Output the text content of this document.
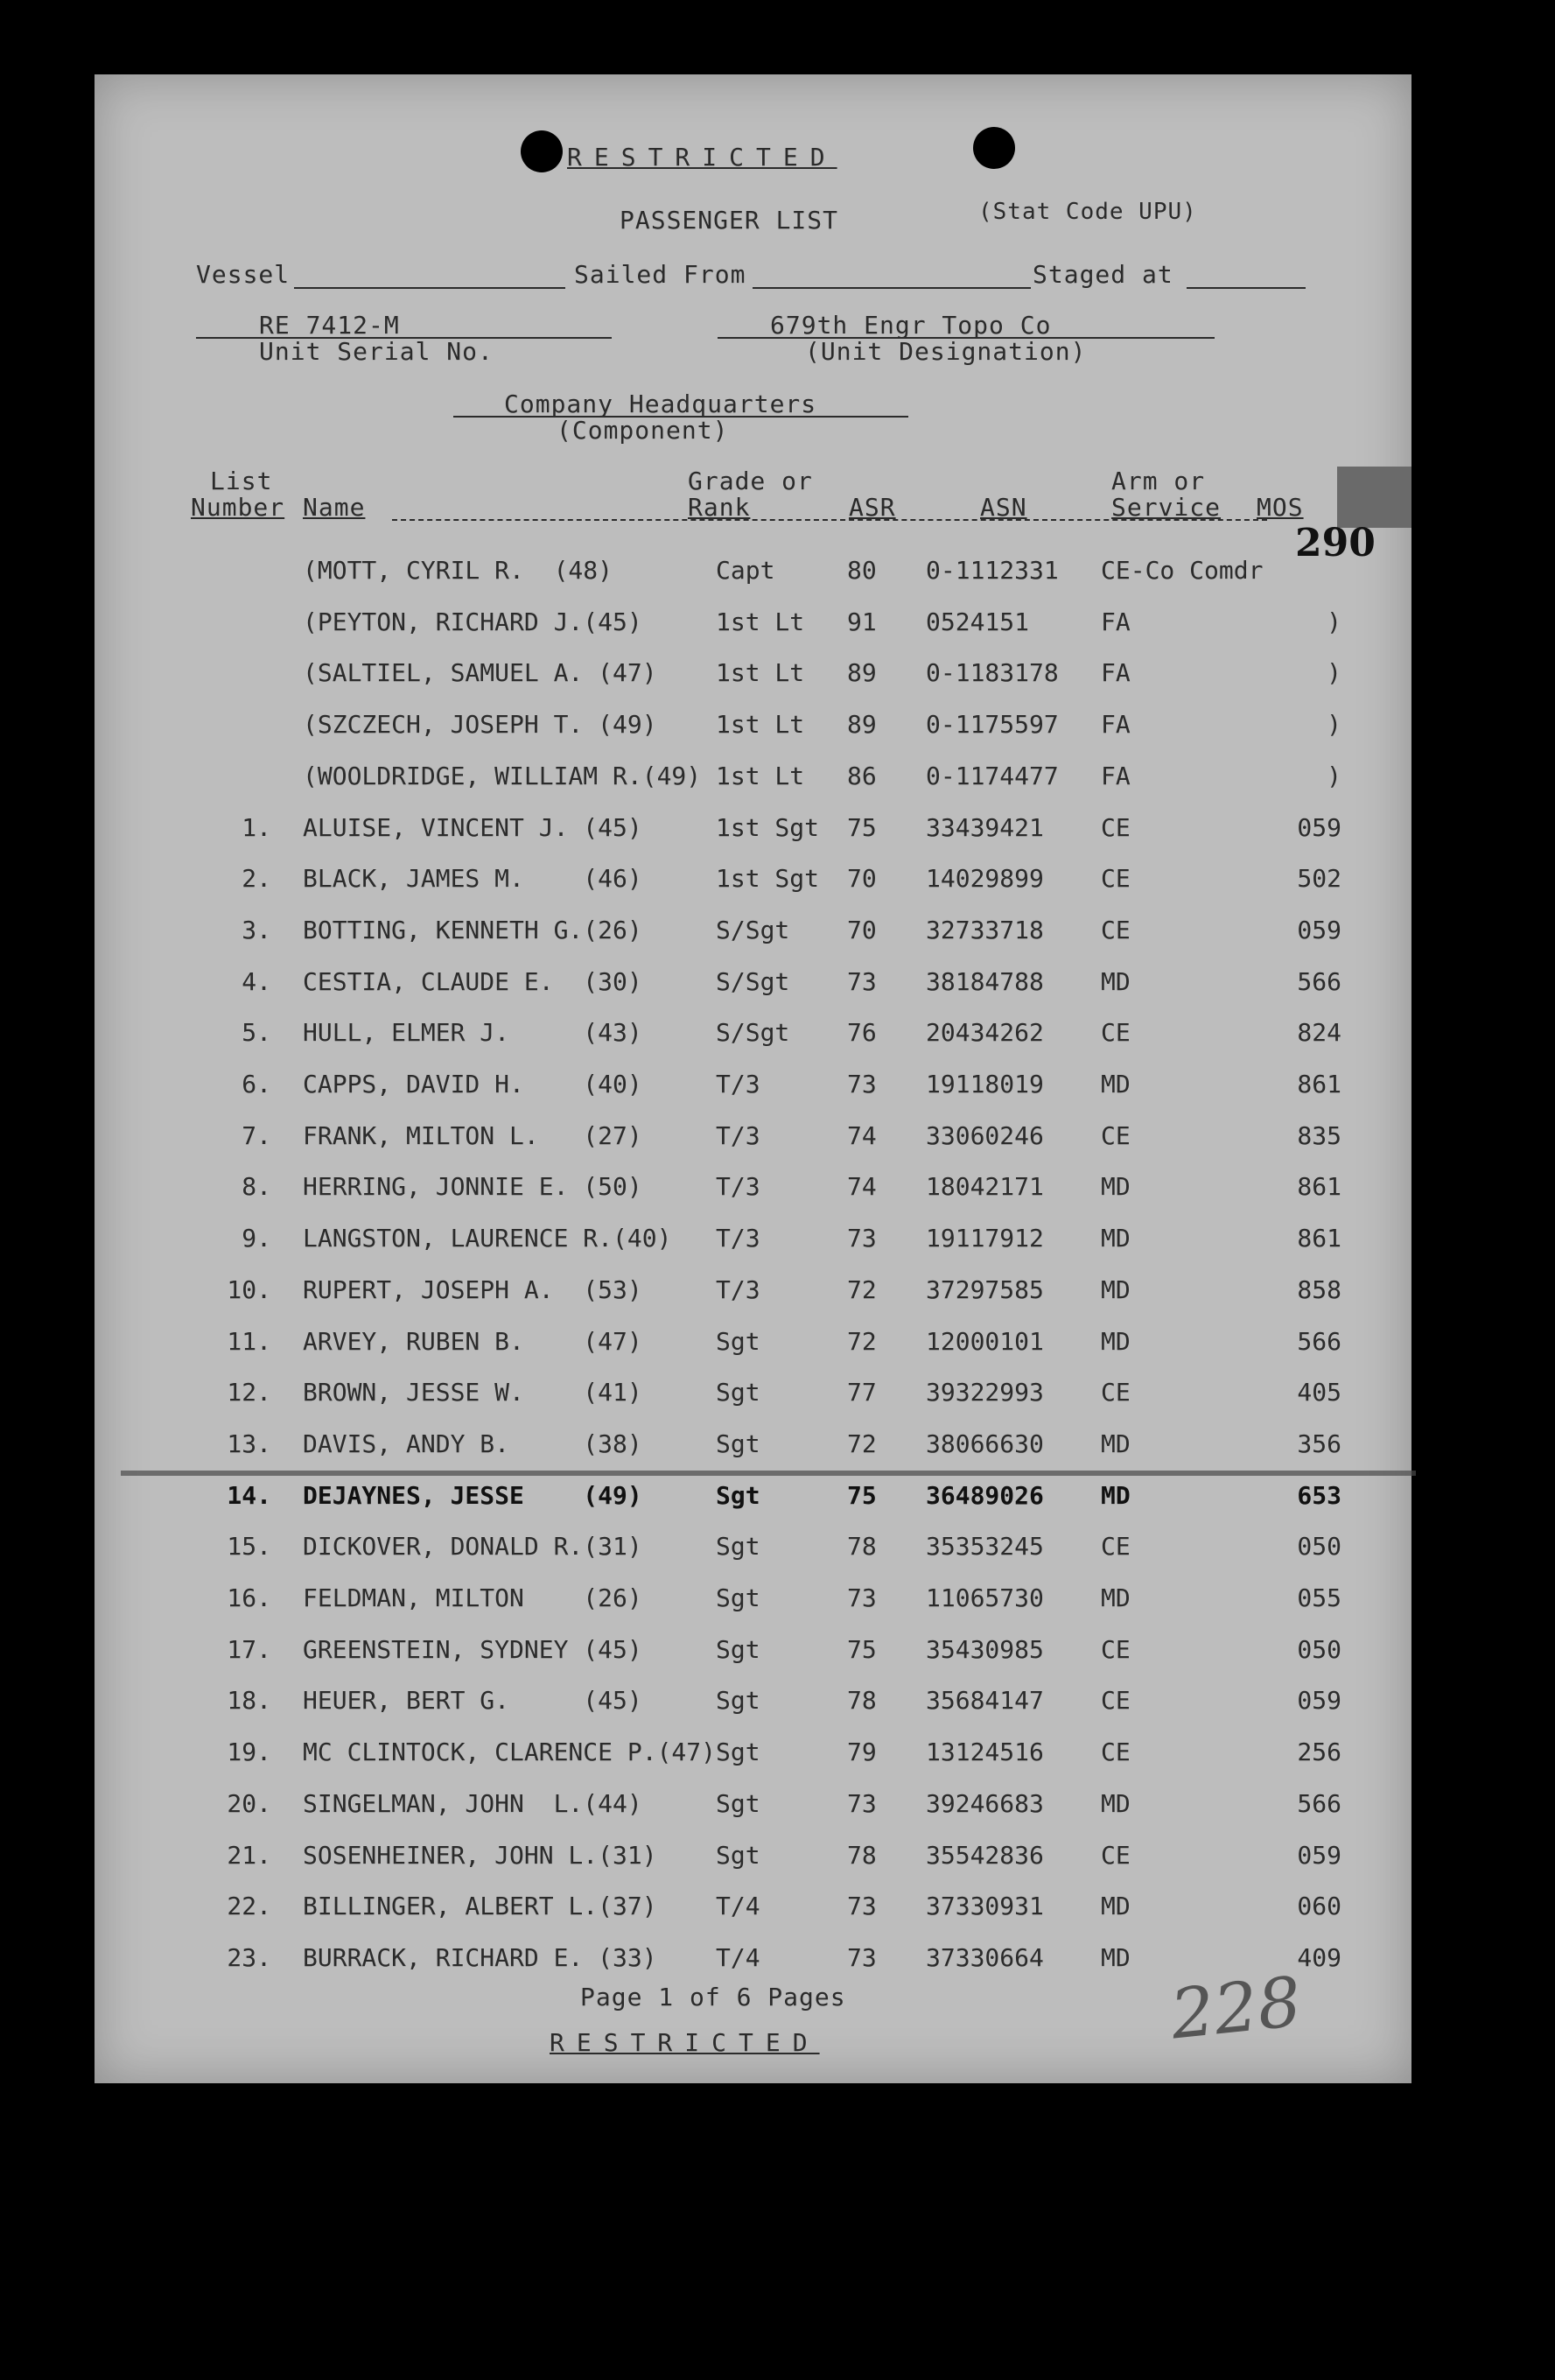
RESTRICTED
PASSENGER LIST	(Stat Code UPU)
Vessel	Sailed From	Staged at
RE 7412-M
Unit Serial No.
679th Engr Topo Co
(Unit Designation)
Company Headquarters
(Component)
List
Number Name
Grade or
Rank	ASR	ASN
Arm or
Service MOS
290
(MOTT, CYRIL R.  (48)	Capt	80 0-1112331 CE-Co Comdr
(PEYTON, RICHARD J.(45)	1st Lt 91 0524151	FA	)
(SALTIEL, SAMUEL A. (47) 1st Lt 89 0-1183178 FA	)
(SZCZECH, JOSEPH T. (49) 1st Lt 89 0-1175597 FA	)
(WOOLDRIDGE, WILLIAM R.(49) 1st Lt 86 0-1174477 FA	)
1. ALUISE, VINCENT J. (45)	1st Sgt 75 33439421 CE	059
2. BLACK, JAMES M.    (46)	1st Sgt 70 14029899 CE	502
3. BOTTING, KENNETH G.(26)	S/Sgt 70 32733718 CE	059
4. CESTIA, CLAUDE E.  (30)	S/Sgt 73 38184788 MD	566
5. HULL, ELMER J.     (43)	S/Sgt 76 20434262 CE	824
6. CAPPS, DAVID H.    (40)	T/3	73 19118019 MD	861
7. FRANK, MILTON L.   (27)	T/3	74 33060246 CE	835
8. HERRING, JONNIE E. (50)	T/3	74 18042171 MD	861
9. LANGSTON, LAURENCE R.(40) T/3	73 19117912 MD	861
10. RUPERT, JOSEPH A.  (53)	T/3	72 37297585 MD	858
11. ARVEY, RUBEN B.    (47)	Sgt	72 12000101 MD	566
12. BROWN, JESSE W.    (41)	Sgt	77 39322993 CE	405
13. DAVIS, ANDY B.     (38)	Sgt	72 38066630 MD	356
14. DEJAYNES, JESSE    (49)	Sgt	75 36489026 MD	653
15. DICKOVER, DONALD R.(31)	Sgt	78 35353245 CE	050
16. FELDMAN, MILTON    (26)	Sgt	73 11065730 MD	055
17. GREENSTEIN, SYDNEY (45)	Sgt	75 35430985 CE	050
18. HEUER, BERT G.     (45)	Sgt	78 35684147 CE	059
19. MC CLINTOCK, CLARENCE P.(47)Sgt	79 13124516 CE	256
20. SINGELMAN, JOHN  L.(44)	Sgt	73 39246683 MD	566
21. SOSENHEINER, JOHN L.(31) Sgt	78 35542836 CE	059
22. BILLINGER, ALBERT L.(37) T/4	73 37330931 MD	060
23. BURRACK, RICHARD E. (33) T/4	73 37330664 MD	409
Page 1 of 6 Pages
RESTRICTED	228
